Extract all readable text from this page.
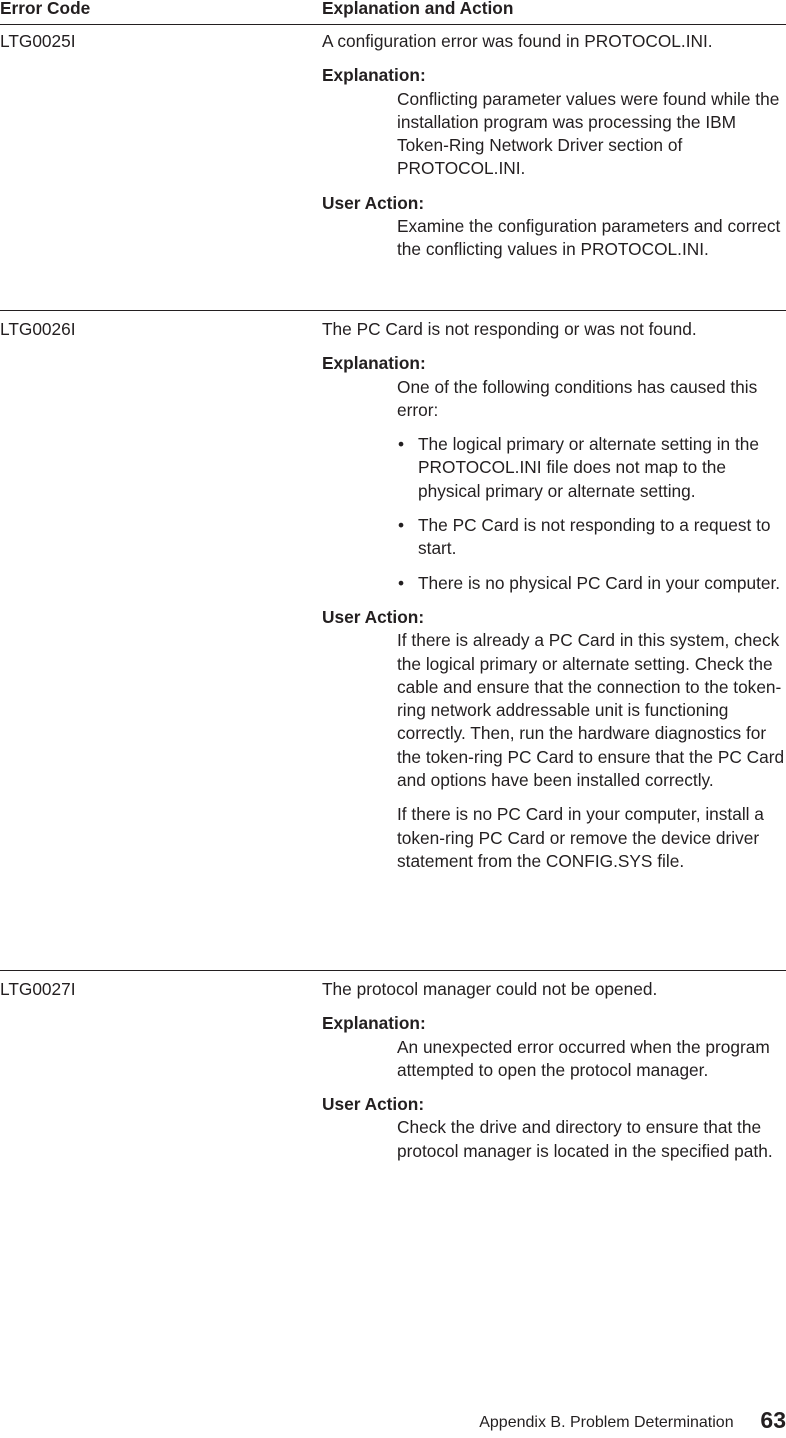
Error Code	Explanation and Action
LTG0025I	A configuration error was found in PROTOCOL.INI.

Explanation:

Conflicting parameter values were found while the installation program was processing the IBM Token-Ring Network Driver section of PROTOCOL.INI.

User Action:

Examine the configuration parameters and correct the conflicting values in PROTOCOL.INI.

LTG0026I	The PC Card is not responding or was not found.

Explanation:

One of the following conditions has caused this error:

• The logical primary or alternate setting in the PROTOCOL.INI file does not map to the physical primary or alternate setting.
• The PC Card is not responding to a request to start.
• There is no physical PC Card in your computer.

User Action:

If there is already a PC Card in this system, check the logical primary or alternate setting. Check the cable and ensure that the connection to the token-ring network addressable unit is functioning correctly. Then, run the hardware diagnostics for the token-ring PC Card to ensure that the PC Card and options have been installed correctly.

If there is no PC Card in your computer, install a token-ring PC Card or remove the device driver statement from the CONFIG.SYS file.

LTG0027I	The protocol manager could not be opened.

Explanation:

An unexpected error occurred when the program attempted to open the protocol manager.

User Action:

Check the drive and directory to ensure that the protocol manager is located in the specified path.

Appendix B. Problem Determination 63
